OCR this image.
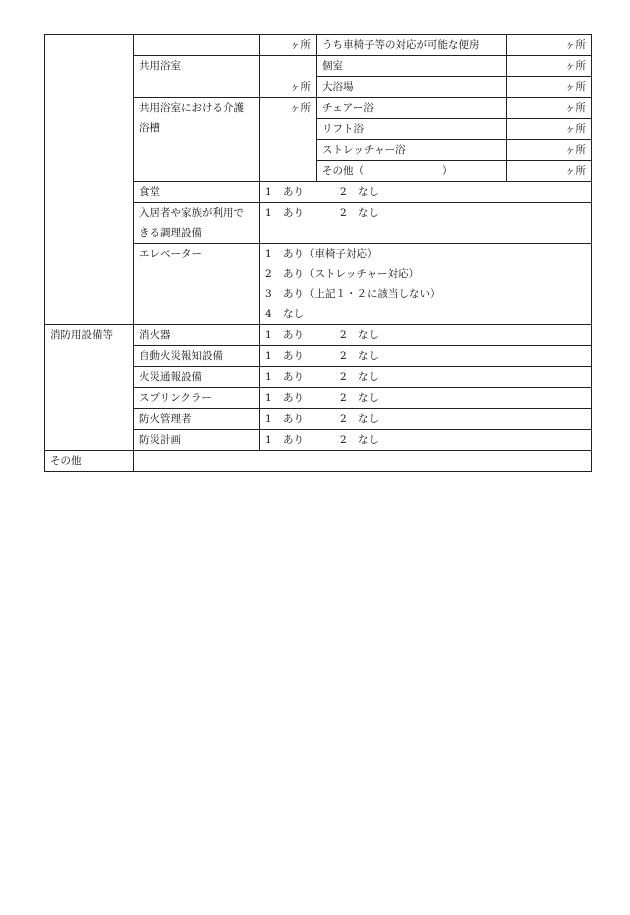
		ヶ所	うち車椅子等の対応が可能な便房	ヶ所
	共用浴室	ヶ所	個室	ヶ所
			大浴場	ヶ所

	共用浴室における介護
浴槽	ヶ所	チェアー浴	ヶ所
			リフト浴	ヶ所
			ストレッチャー浴	ヶ所
			その他（ ）	ヶ所
	食堂	1 あり 2 なし		

	入居者や家族が利用で
きる調理設備	1 あり 2 なし		

	エレベーター	1 あり（車椅子対応）
2 あり（ストレッチャー対応）
3 あり（上記１・２に該当しない）
4 なし		

消防用設備等	消火器	1 あり 2 なし		
	自動火災報知設備	1 あり 2 なし		
	火災通報設備	1 あり 2 なし		
	スプリンクラー	1 あり 2 なし		
	防火管理者	1 あり 2 なし		
	防災計画	1 あり 2 なし		
その他				
